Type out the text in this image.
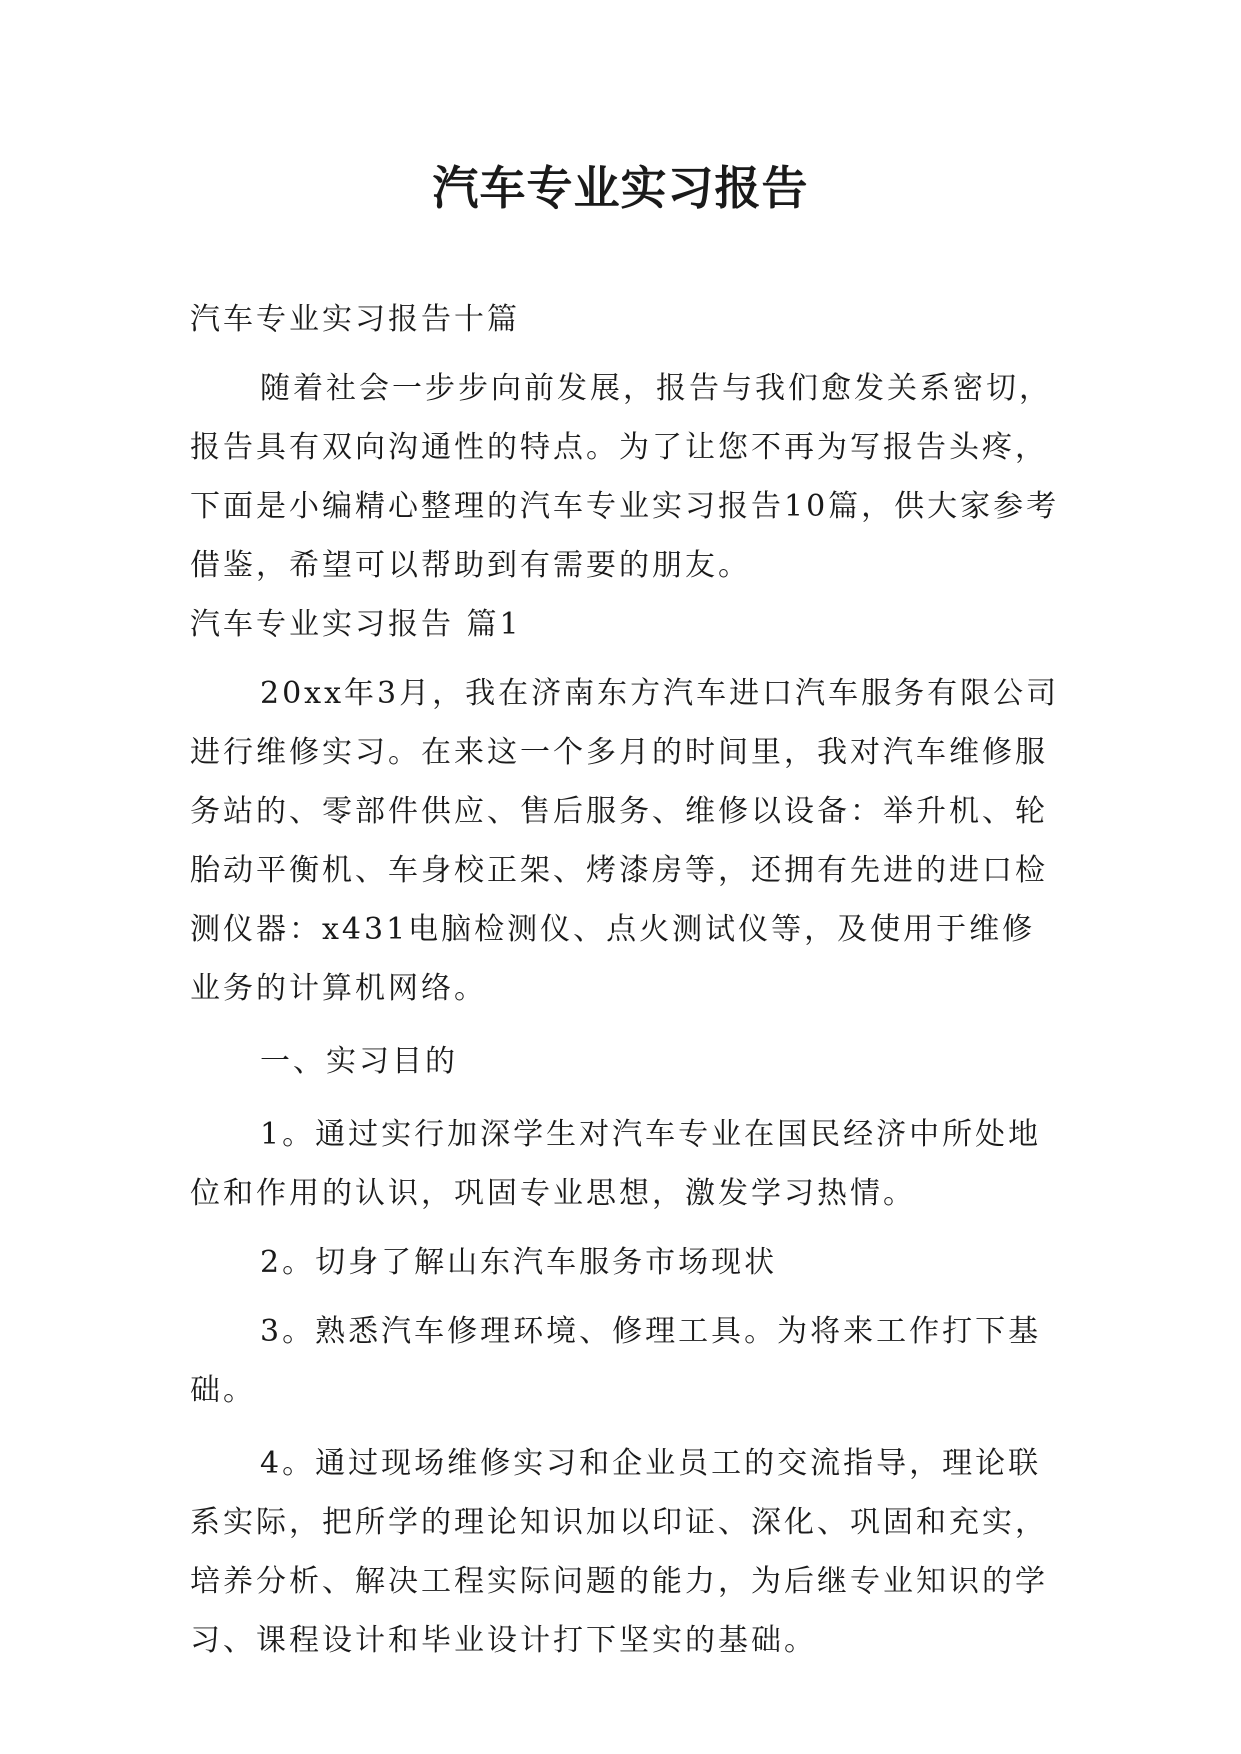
汽车专业实习报告

汽车专业实习报告十篇

随着社会一步步向前发展，报告与我们愈发关系密切，报告具有双向沟通性的特点。为了让您不再为写报告头疼，下面是小编精心整理的汽车专业实习报告10篇，供大家参考借鉴，希望可以帮助到有需要的朋友。

汽车专业实习报告 篇1

20xx年3月，我在济南东方汽车进口汽车服务有限公司进行维修实习。在来这一个多月的时间里，我对汽车维修服务站的、零部件供应、售后服务、维修以设备：举升机、轮胎动平衡机、车身校正架、烤漆房等，还拥有先进的进口检测仪器：x431电脑检测仪、点火测试仪等，及使用于维修业务的计算机网络。

一、实习目的

1。通过实行加深学生对汽车专业在国民经济中所处地位和作用的认识，巩固专业思想，激发学习热情。

2。切身了解山东汽车服务市场现状

3。熟悉汽车修理环境、修理工具。为将来工作打下基础。

4。通过现场维修实习和企业员工的交流指导，理论联系实际，把所学的理论知识加以印证、深化、巩固和充实，培养分析、解决工程实际问题的能力，为后继专业知识的学习、课程设计和毕业设计打下坚实的基础。
